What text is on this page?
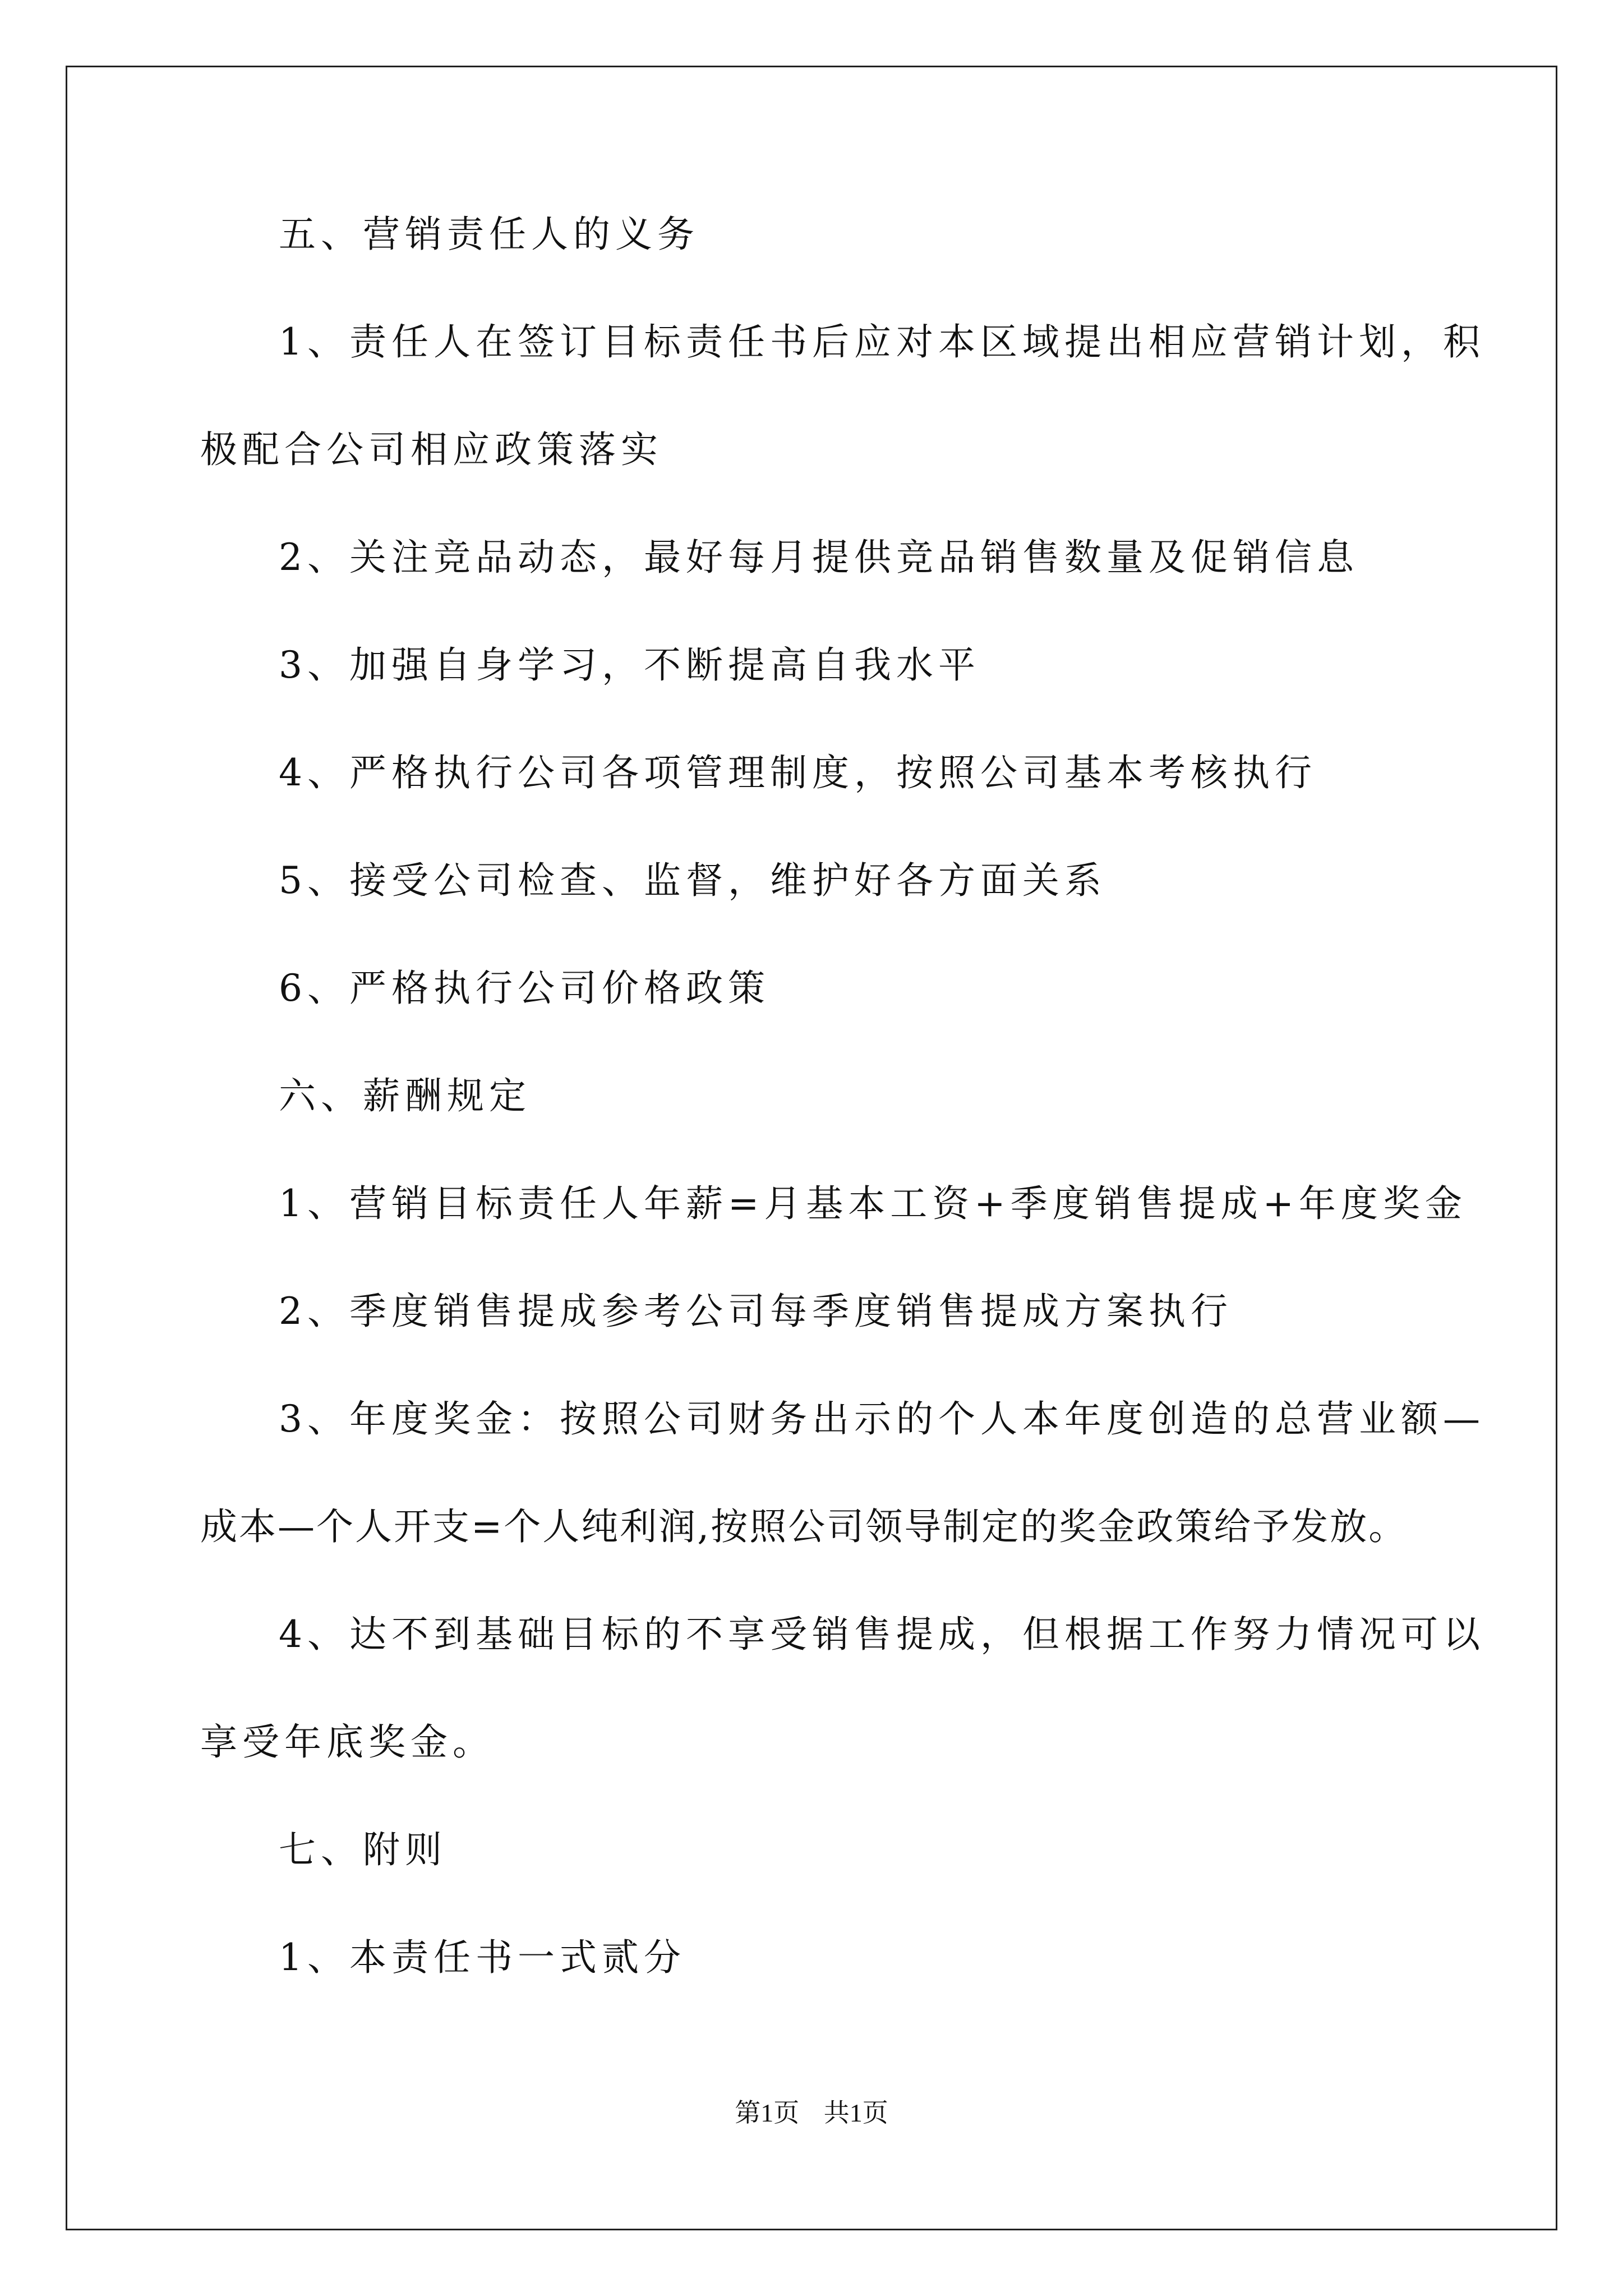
五、营销责任人的义务

1、责任人在签订目标责任书后应对本区域提出相应营销计划，积

极配合公司相应政策落实

2、关注竞品动态，最好每月提供竞品销售数量及促销信息

3、加强自身学习，不断提高自我水平

4、严格执行公司各项管理制度，按照公司基本考核执行

5、接受公司检查、监督，维护好各方面关系

6、严格执行公司价格政策

六、薪酬规定

1、营销目标责任人年薪=月基本工资+季度销售提成+年度奖金

2、季度销售提成参考公司每季度销售提成方案执行

3、年度奖金：按照公司财务出示的个人本年度创造的总营业额—

成本—个人开支=个人纯利润,按照公司领导制定的奖金政策给予发放。

4、达不到基础目标的不享受销售提成，但根据工作努力情况可以

享受年底奖金。

七、附则

1、本责任书一式贰分

第1页 共1页
